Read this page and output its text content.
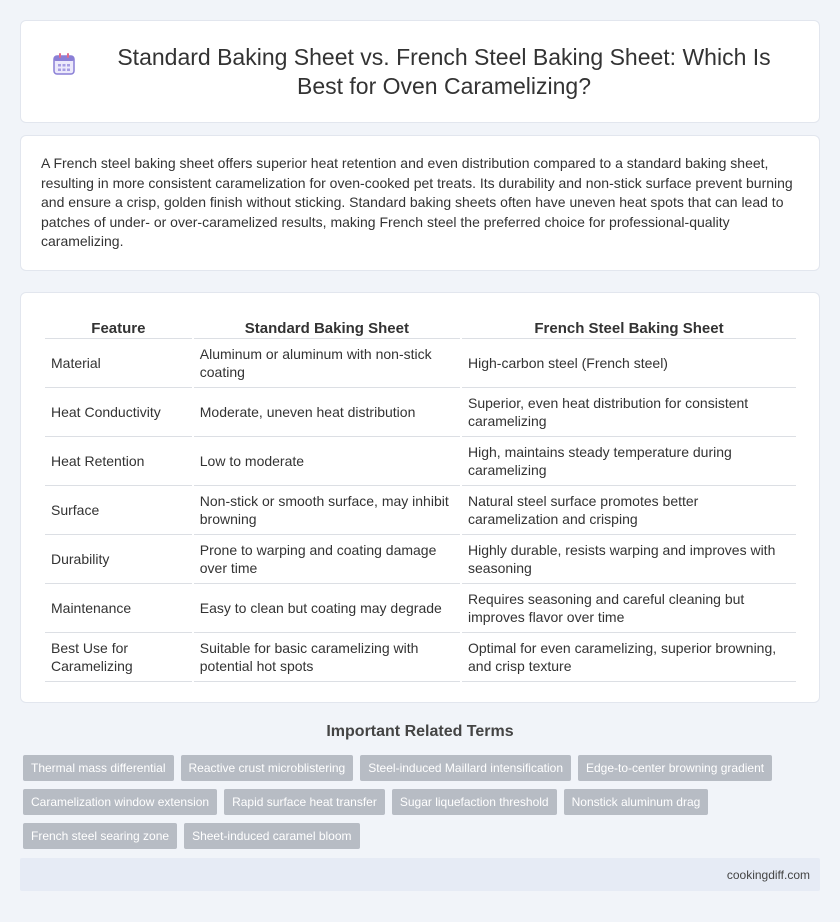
Standard Baking Sheet vs. French Steel Baking Sheet: Which Is Best for Oven Caramelizing?

A French steel baking sheet offers superior heat retention and even distribution compared to a standard baking sheet, resulting in more consistent caramelization for oven-cooked pet treats. Its durability and non-stick surface prevent burning and ensure a crisp, golden finish without sticking. Standard baking sheets often have uneven heat spots that can lead to patches of under- or over-caramelized results, making French steel the preferred choice for professional-quality caramelizing.

Feature	Standard Baking Sheet	French Steel Baking Sheet
Material	Aluminum or aluminum with non-stick coating	High-carbon steel (French steel)
Heat Conductivity	Moderate, uneven heat distribution	Superior, even heat distribution for consistent caramelizing
Heat Retention	Low to moderate	High, maintains steady temperature during caramelizing
Surface	Non-stick or smooth surface, may inhibit browning	Natural steel surface promotes better caramelization and crisping
Durability	Prone to warping and coating damage over time	Highly durable, resists warping and improves with seasoning
Maintenance	Easy to clean but coating may degrade	Requires seasoning and careful cleaning but improves flavor over time
Best Use for Caramelizing	Suitable for basic caramelizing with potential hot spots	Optimal for even caramelizing, superior browning, and crisp texture
Important Related Terms
Thermal mass differential	Reactive crust microblistering	Steel-induced Maillard intensification	Edge-to-center browning gradient
Caramelization window extension	Rapid surface heat transfer	Sugar liquefaction threshold	Nonstick aluminum drag
French steel searing zone	Sheet-induced caramel bloom
cookingdiff.com
